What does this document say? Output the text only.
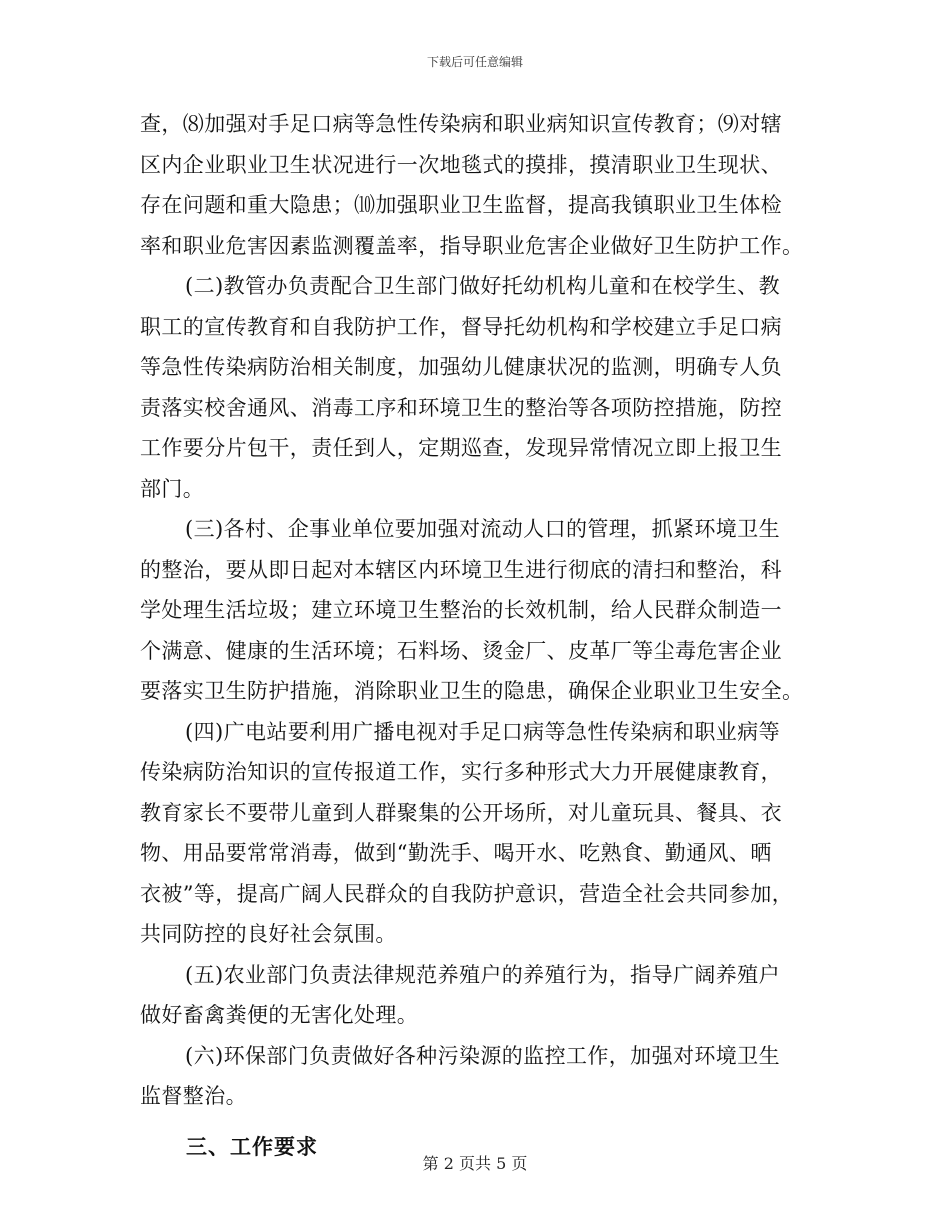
下载后可任意编辑
查，⑻加强对手足口病等急性传染病和职业病知识宣传教育；⑼对辖
区内企业职业卫生状况进行一次地毯式的摸排，摸清职业卫生现状、
存在问题和重大隐患；⑽加强职业卫生监督，提高我镇职业卫生体检
率和职业危害因素监测覆盖率，指导职业危害企业做好卫生防护工作。
(二)教管办负责配合卫生部门做好托幼机构儿童和在校学生、教
职工的宣传教育和自我防护工作，督导托幼机构和学校建立手足口病
等急性传染病防治相关制度，加强幼儿健康状况的监测，明确专人负
责落实校舍通风、消毒工序和环境卫生的整治等各项防控措施，防控
工作要分片包干，责任到人，定期巡查，发现异常情况立即上报卫生
部门。
(三)各村、企事业单位要加强对流动人口的管理，抓紧环境卫生
的整治，要从即日起对本辖区内环境卫生进行彻底的清扫和整治，科
学处理生活垃圾；建立环境卫生整治的长效机制，给人民群众制造一
个满意、健康的生活环境；石料场、烫金厂、皮革厂等尘毒危害企业
要落实卫生防护措施，消除职业卫生的隐患，确保企业职业卫生安全。
(四)广电站要利用广播电视对手足口病等急性传染病和职业病等
传染病防治知识的宣传报道工作，实行多种形式大力开展健康教育，
教育家长不要带儿童到人群聚集的公开场所，对儿童玩具、餐具、衣
物、用品要常常消毒，做到“勤洗手、喝开水、吃熟食、勤通风、晒
衣被”等，提高广阔人民群众的自我防护意识，营造全社会共同参加，
共同防控的良好社会氛围。
(五)农业部门负责法律规范养殖户的养殖行为，指导广阔养殖户
做好畜禽粪便的无害化处理。
(六)环保部门负责做好各种污染源的监控工作，加强对环境卫生
监督整治。
三、工作要求
第 2 页共 5 页
